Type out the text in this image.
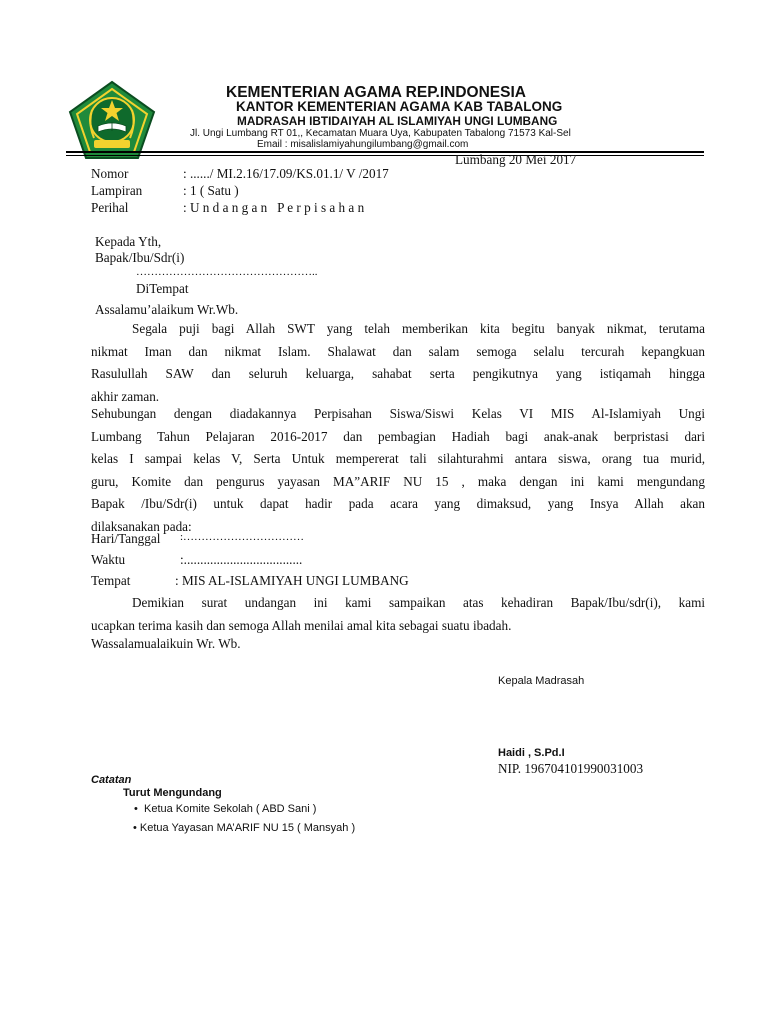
KEMENTERIAN AGAMA REP.INDONESIA
KANTOR KEMENTERIAN AGAMA KAB TABALONG
MADRASAH IBTIDAIYAH AL ISLAMIYAH UNGI LUMBANG
Jl. Ungi Lumbang RT 01,, Kecamatan Muara Uya, Kabupaten Tabalong 71573 Kal-Sel
Email : misalislamiyahungilumbang@gmail.com
Lumbang 20 Mei 2017
Nomor	: ....../ MI.2.16/17.09/KS.01.1/ V /2017
Lampiran	: 1 ( Satu )
Perihal	: U n d a n g a n   P e r p i s a h a n
Kepada Yth,
Bapak/Ibu/Sdr(i)
…………………………………………..
DiTempat
Assalamu’alaikum Wr.Wb.
Segala puji bagi Allah SWT yang telah memberikan kita begitu banyak nikmat, terutama
nikmat Iman dan nikmat Islam. Shalawat dan salam semoga selalu tercurah kepangkuan
Rasulullah SAW dan seluruh keluarga, sahabat serta pengikutnya yang istiqamah hingga
akhir zaman.
Sehubungan dengan diadakannya Perpisahan Siswa/Siswi Kelas VI MIS Al-Islamiyah Ungi
Lumbang Tahun Pelajaran 2016-2017 dan pembagian Hadiah bagi anak-anak berpristasi dari
kelas I sampai kelas V, Serta Untuk mempererat tali silahturahmi antara siswa, orang tua murid,
guru, Komite dan pengurus yayasan MA”ARIF NU 15 , maka dengan ini kami mengundang
Bapak /Ibu/Sdr(i) untuk dapat hadir pada acara yang dimaksud, yang Insya Allah akan
dilaksanakan pada:
Hari/Tanggal :……………………………
Waktu	:....................................
Tempat	: MIS AL-ISLAMIYAH UNGI LUMBANG
Demikian surat undangan ini kami sampaikan atas kehadiran Bapak/Ibu/sdr(i), kami
ucapkan terima kasih dan semoga Allah menilai amal kita sebagai suatu ibadah.
Wassalamualaikuin Wr. Wb.
Kepala Madrasah
Haidi , S.Pd.I
NIP. 196704101990031003
Catatan
Turut Mengundang
• Ketua Komite Sekolah ( ABD Sani )
• Ketua Yayasan MA’ARIF NU 15 ( Mansyah )
